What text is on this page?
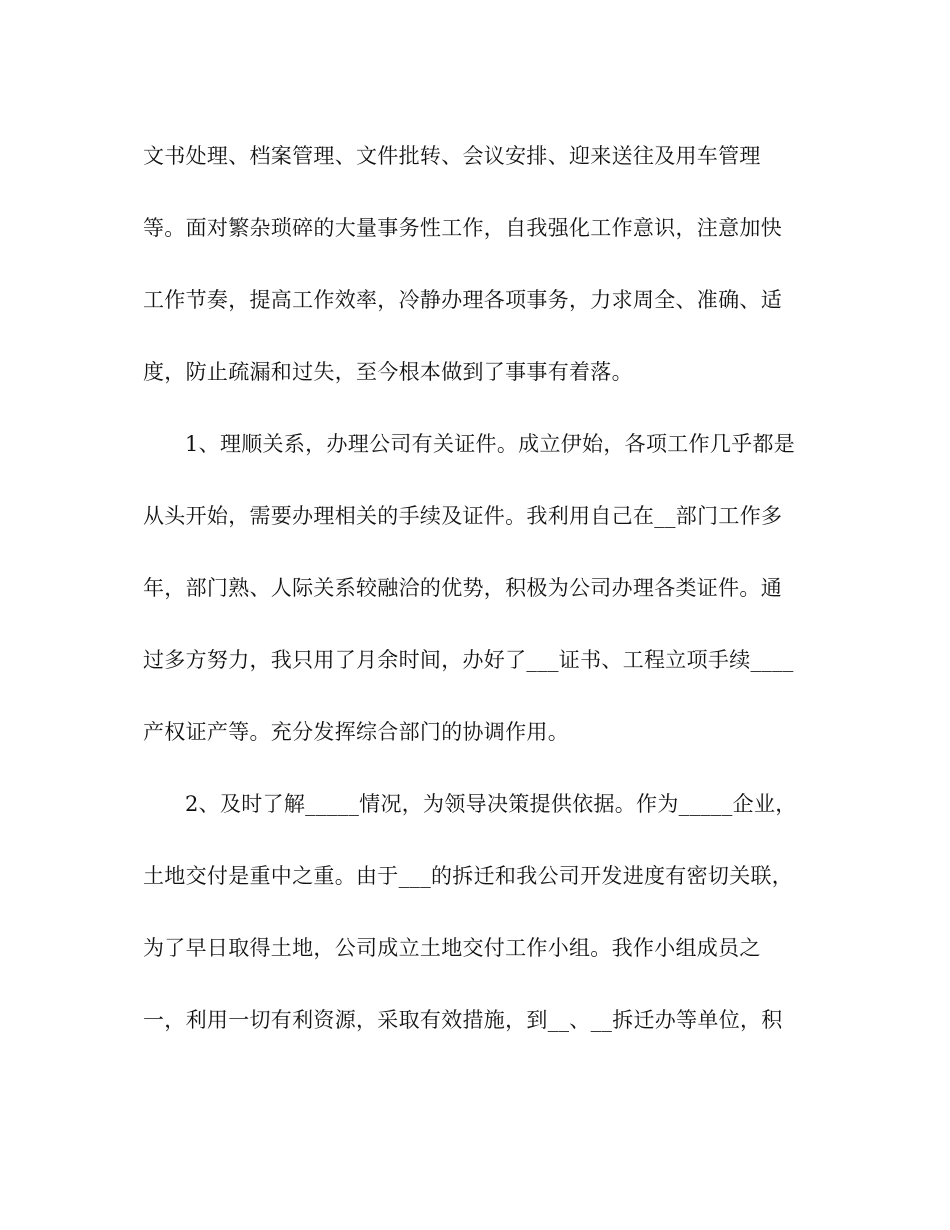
文书处理、档案管理、文件批转、会议安排、迎来送往及用车管理
等。面对繁杂琐碎的大量事务性工作，自我强化工作意识，注意加快
工作节奏，提高工作效率，冷静办理各项事务，力求周全、准确、适
度，防止疏漏和过失，至今根本做到了事事有着落。
1、理顺关系，办理公司有关证件。成立伊始，各项工作几乎都是
从头开始，需要办理相关的手续及证件。我利用自己在__部门工作多
年，部门熟、人际关系较融洽的优势，积极为公司办理各类证件。通
过多方努力，我只用了月余时间，办好了___证书、工程立项手续____
产权证产等。充分发挥综合部门的协调作用。
2、及时了解_____情况，为领导决策提供依据。作为_____企业，
土地交付是重中之重。由于___的拆迁和我公司开发进度有密切关联，
为了早日取得土地，公司成立土地交付工作小组。我作小组成员之
一，利用一切有利资源，采取有效措施，到__、__拆迁办等单位，积
